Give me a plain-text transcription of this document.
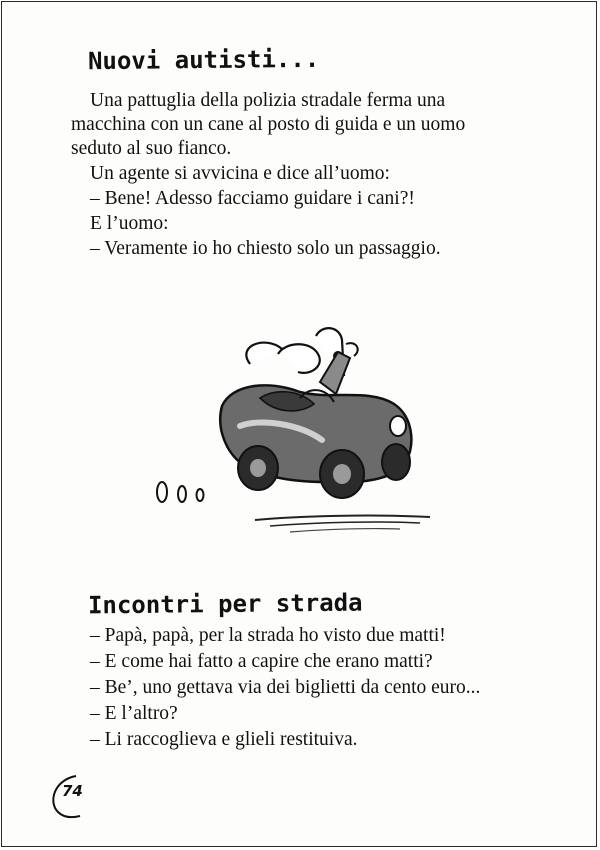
Nuovi autisti...
Una pattuglia della polizia stradale ferma una
macchina con un cane al posto di guida e un uomo
seduto al suo fianco.
Un agente si avvicina e dice all’uomo:
– Bene! Adesso facciamo guidare i cani?!
E l’uomo:
– Veramente io ho chiesto solo un passaggio.
Incontri per strada
– Papà, papà, per la strada ho visto due matti!
– E come hai fatto a capire che erano matti?
– Be’, uno gettava via dei biglietti da cento euro...
– E l’altro?
– Li raccoglieva e glieli restituiva.
74
